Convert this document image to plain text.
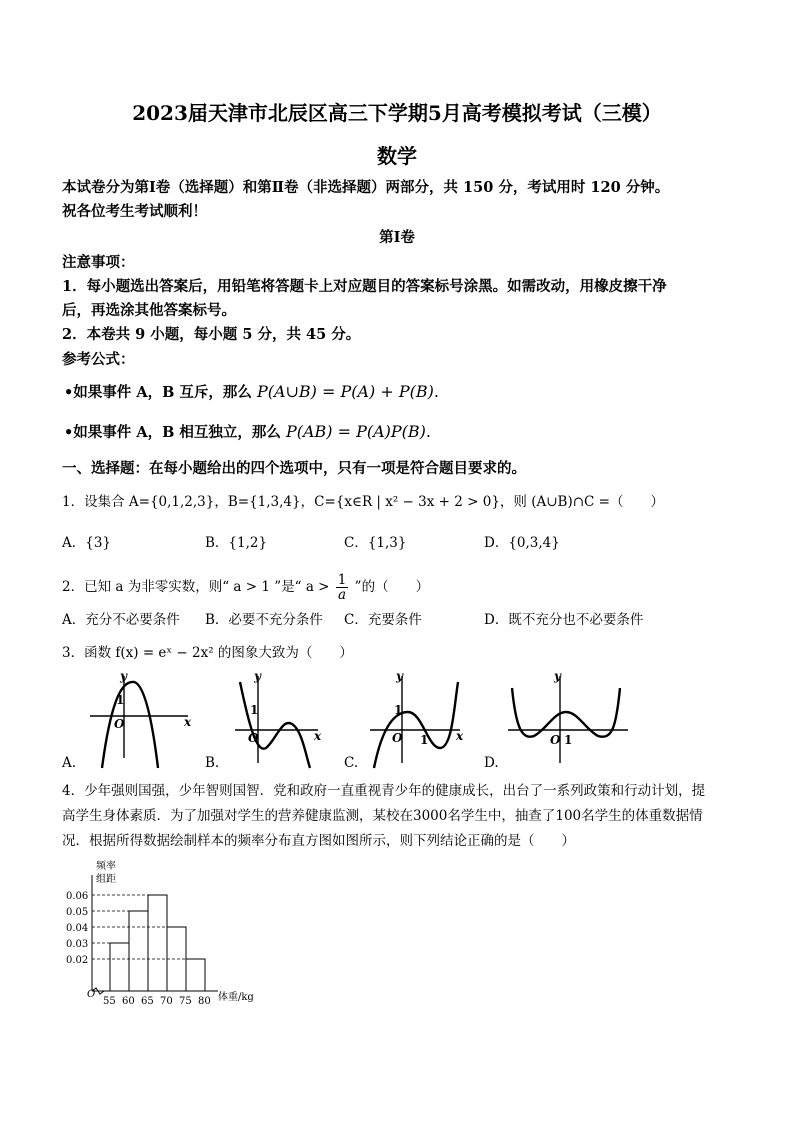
2023届天津市北辰区高三下学期5月高考模拟考试（三模）
数学
本试卷分为第Ⅰ卷（选择题）和第Ⅱ卷（非选择题）两部分，共 150 分，考试用时 120 分钟。
祝各位考生考试顺利！
第Ⅰ卷
注意事项：
1．每小题选出答案后，用铅笔将答题卡上对应题目的答案标号涂黑。如需改动，用橡皮擦干净
后，再选涂其他答案标号。
2．本卷共 9 小题，每小题 5 分，共 45 分。
参考公式：
•如果事件 A，B 互斥，那么 P(A∪B) = P(A) + P(B).
•如果事件 A，B 相互独立，那么 P(AB) = P(A)P(B).
一、选择题：在每小题给出的四个选项中，只有一项是符合题目要求的。
1．设集合 A={0,1,2,3}，B={1,3,4}，C={x∈R | x² − 3x + 2 > 0}，则 (A∪B)∩C =（　　）
A．{3}	B．{1,2}	C．{1,3}	D．{0,3,4}
2．已知 a 为非零实数，则“ a > 1 ”是“ $a > \frac{1}{a}$ ”的（　　）
A．充分不必要条件 B．必要不充分条件 C．充要条件	D．既不充分也不必要条件
3．函数 f(x) = eˣ − 2x² 的图象大致为（　　）
y
x
O
1
y
x
O
1
y
x
O
1
1
y
O 1
A.	B.	C.	D.
4．少年强则国强，少年智则国智．党和政府一直重视青少年的健康成长，出台了一系列政策和行动计划，提
高学生身体素质．为了加强对学生的营养健康监测，某校在3000名学生中，抽查了100名学生的体重数据情
况．根据所得数据绘制样本的频率分布直方图如图所示，则下列结论正确的是（　　）
频率
组距
O	体重/kg
0.06
0.05
0.04
0.03
0.02
55 60 65 70 75 80
